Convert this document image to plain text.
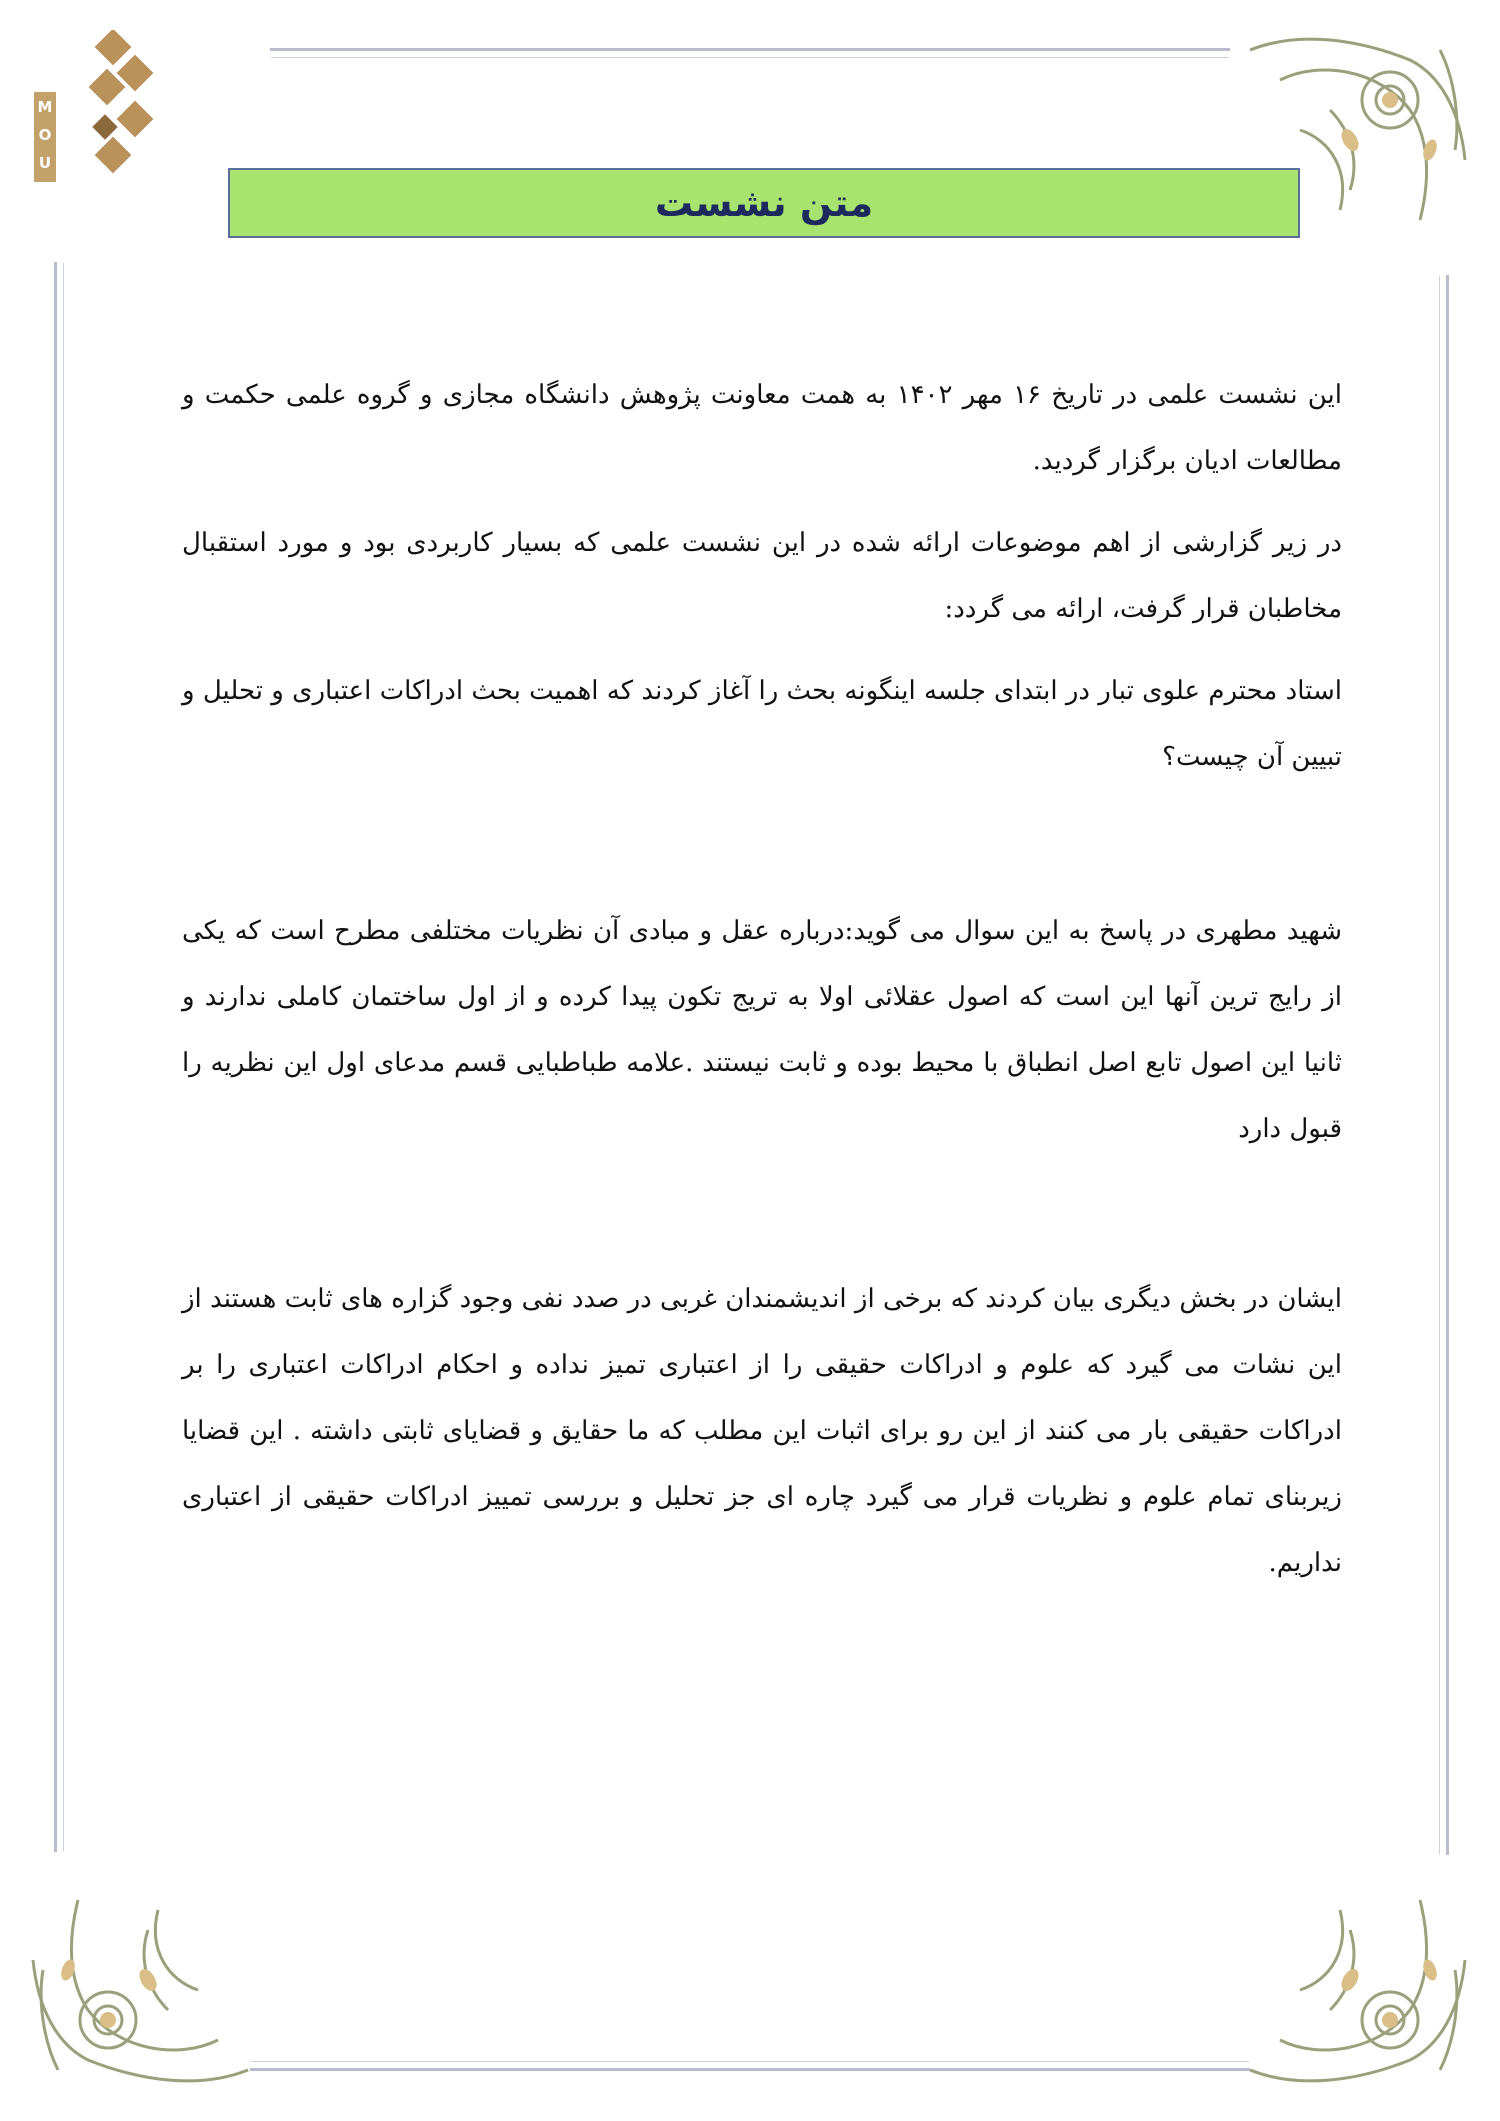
M
O
U
متن نشست

این نشست علمی در تاریخ ۱۶ مهر ۱۴۰۲ به همت معاونت پژوهش دانشگاه مجازی و گروه علمی حکمت و مطالعات ادیان برگزار گردید.

در زیر گزارشی از اهم موضوعات ارائه شده در این نشست علمی که بسیار کاربردی بود و مورد استقبال مخاطبان قرار گرفت، ارائه می گردد:

استاد محترم علوی تبار در ابتدای جلسه اینگونه بحث را آغاز کردند که اهمیت بحث ادراکات اعتباری و تحلیل و تبیین آن چیست؟

شهید مطهری در پاسخ به این سوال می گوید:درباره عقل و مبادی آن نظریات مختلفی مطرح است که یکی از رایج ترین آنها این است که اصول عقلائی اولا به تریج تکون پیدا کرده و از اول ساختمان کاملی ندارند و ثانیا این اصول تابع اصل انطباق با محیط بوده و ثابت نیستند .علامه طباطبایی قسم مدعای اول این نظریه را قبول دارد

ایشان در بخش دیگری بیان کردند که برخی از اندیشمندان غربی در صدد نفی وجود گزاره های ثابت هستند از این نشات می گیرد که علوم و ادراکات حقیقی را از اعتباری تمیز نداده و احکام ادراکات اعتباری را بر ادراکات حقیقی بار می کنند از این رو برای اثبات این مطلب که ما حقایق و قضایای ثابتی داشته . این قضایا زیربنای تمام علوم و نظریات قرار می گیرد چاره ای جز تحلیل و بررسی تمییز ادراکات حقیقی از اعتباری نداریم.
